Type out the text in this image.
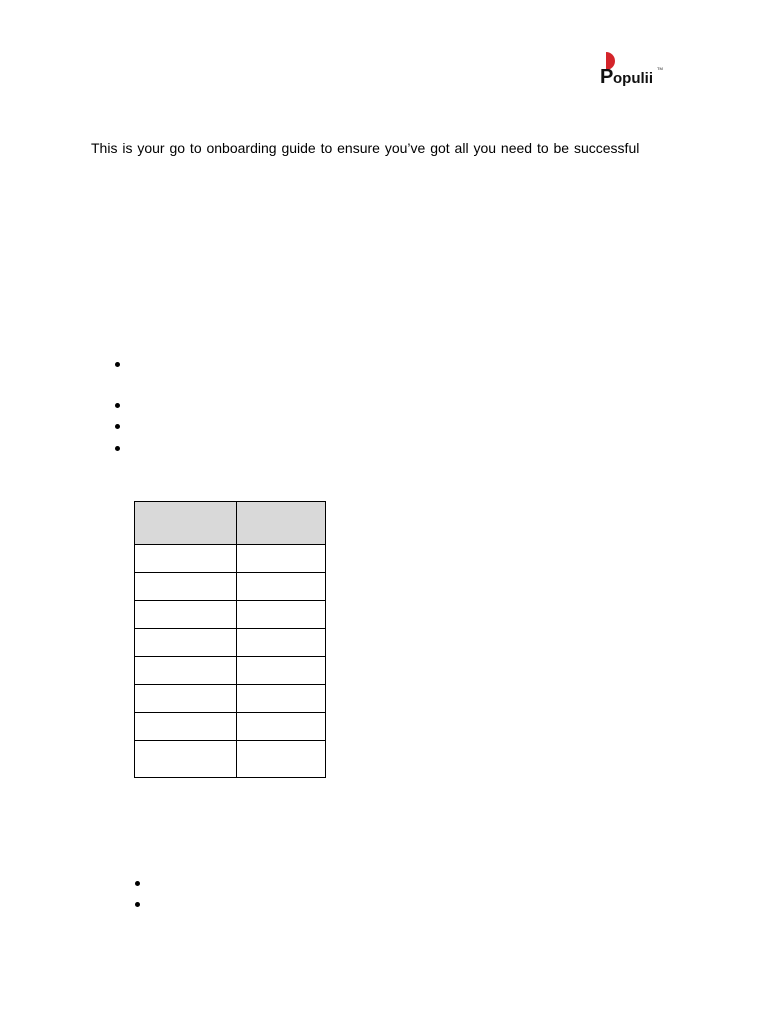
P opulii
TM
This is your go to onboarding guide to ensure you’ve got all you need to be successful
